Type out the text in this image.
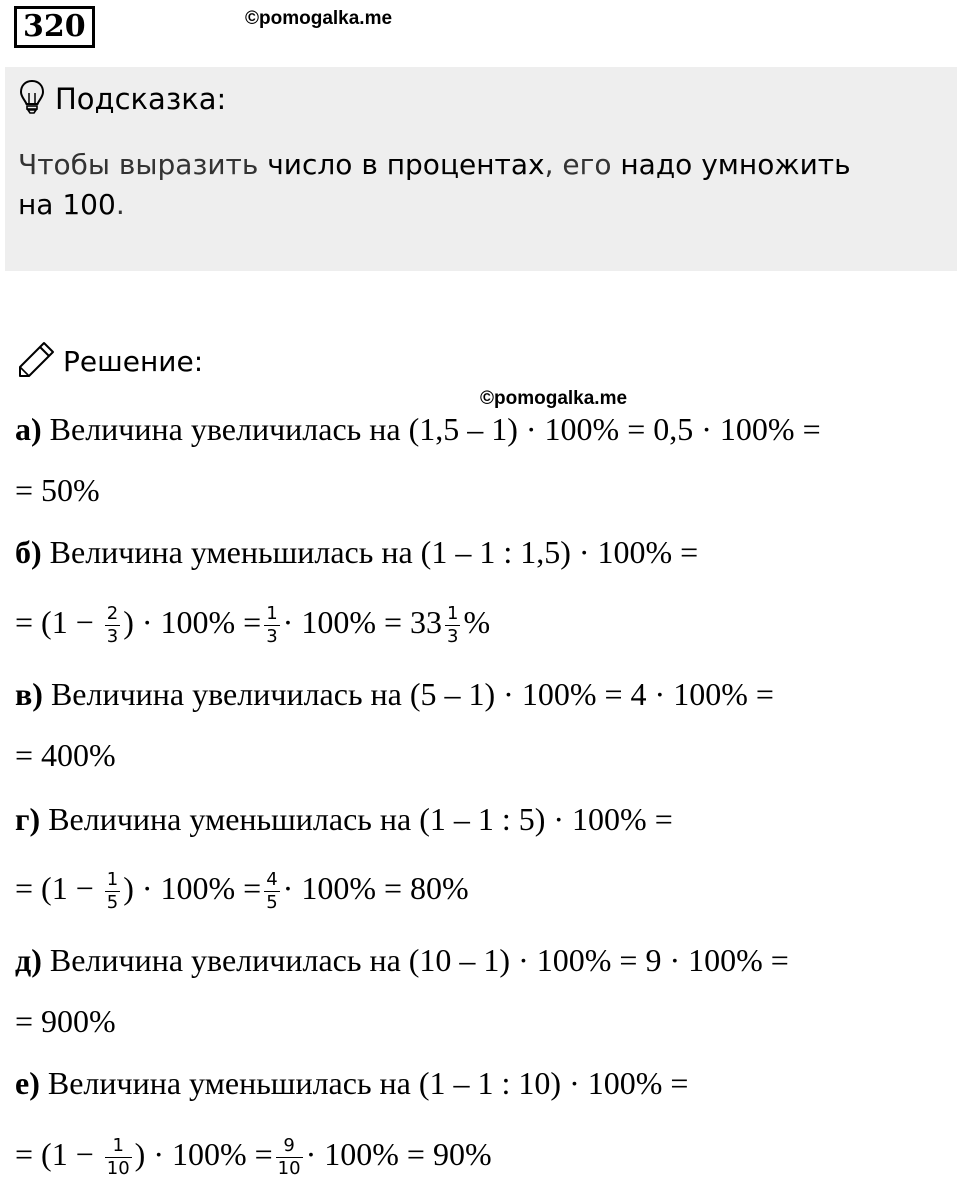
320	©pomogalka.me
Подсказка:
Чтобы выразить число в процентах, его надо умножить
на 100.
Решение:
©pomogalka.me
а) Величина увеличилась на (1,5 – 1) · 100% = 0,5 · 100% =
= 50%
б) Величина уменьшилась на (1 – 1 : 1,5) · 100% =
= ($1 - \frac{2}{3}$ ) · $100\% = \frac{1}{3} \cdot 100\% = 33 \frac{1}{3}$ %
в) Величина увеличилась на (5 – 1) · 100% = 4 · 100% =
= 400%
г) Величина уменьшилась на (1 – 1 : 5) · 100% =
= ($1 - \frac{1}{5}$ ) · $100\% = \frac{4}{5} \cdot 100\% = 80\%$
д) Величина увеличилась на (10 – 1) · 100% = 9 · 100% =
= 900%
е) Величина уменьшилась на (1 – 1 : 10) · 100% =
= ($1 - \frac{1}{10}$ ) · $100\% = \frac{9}{10} \cdot 100\% = 90\%$
